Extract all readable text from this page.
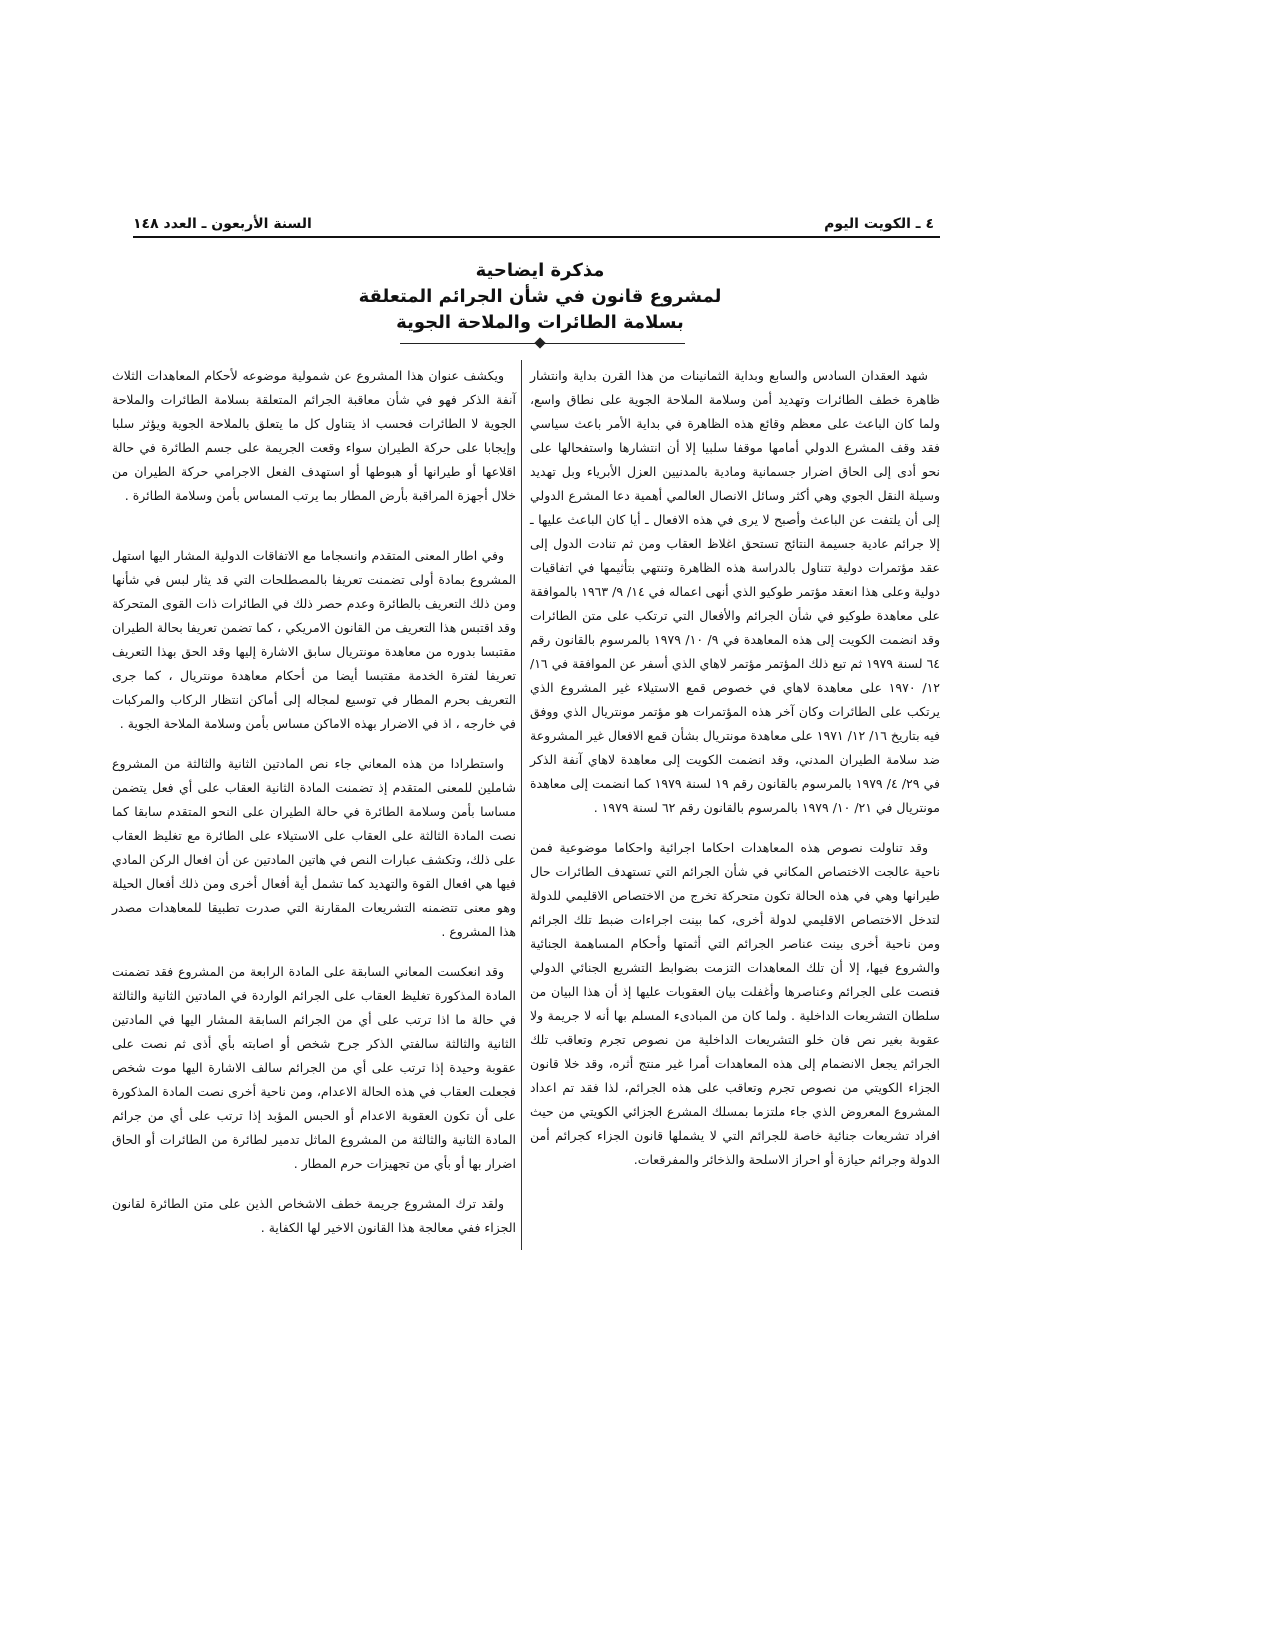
٤ ـ الكويت اليوم
السنة الأربعون ـ العدد ١٤٨
مذكرة ايضاحية
لمشروع قانون في شأن الجرائم المتعلقة
بسلامة الطائرات والملاحة الجوية

شهد العقدان السادس والسابع وبداية الثمانينات من هذا القرن بداية وانتشار ظاهرة خطف الطائرات وتهديد أمن وسلامة الملاحة الجوية على نطاق واسع، ولما كان الباعث على معظم وقائع هذه الظاهرة في بداية الأمر باعث سياسي فقد وقف المشرع الدولي أمامها موقفا سلبيا إلا أن انتشارها واستفحالها على نحو أدى إلى الحاق اضرار جسمانية ومادية بالمدنيين العزل الأبرياء وبل تهديد وسيلة النقل الجوي وهي أكثر وسائل الانصال العالمي أهمية دعا المشرع الدولي إلى أن يلتفت عن الباعث وأصبح لا يرى في هذه الافعال ـ أيا كان الباعث عليها ـ إلا جرائم عادية جسيمة النتائج تستحق اغلاظ العقاب ومن ثم تنادت الدول إلى عقد مؤتمرات دولية تتناول بالدراسة هذه الظاهرة وتنتهي بتأثيمها في اتفاقيات دولية وعلى هذا انعقد مؤتمر طوكيو الذي أنهى اعماله في ١٤/ ٩/ ١٩٦٣ بالموافقة على معاهدة طوكيو في شأن الجرائم والأفعال التي ترتكب على متن الطائرات وقد انضمت الكويت إلى هذه المعاهدة في ٩/ ١٠/ ١٩٧٩ بالمرسوم بالقانون رقم ٦٤ لسنة ١٩٧٩ ثم تبع ذلك المؤتمر مؤتمر لاهاي الذي أسفر عن الموافقة في ١٦/ ١٢/ ١٩٧٠ على معاهدة لاهاي في خصوص قمع الاستيلاء غير المشروع الذي يرتكب على الطائرات وكان آخر هذه المؤتمرات هو مؤتمر مونتريال الذي ووفق فيه بتاريخ ١٦/ ١٢/ ١٩٧١ على معاهدة مونتريال بشأن قمع الافعال غير المشروعة ضد سلامة الطيران المدني، وقد انضمت الكويت إلى معاهدة لاهاي آنفة الذكر في ٢٩/ ٤/ ١٩٧٩ بالمرسوم بالقانون رقم ١٩ لسنة ١٩٧٩ كما انضمت إلى معاهدة مونتريال في ٢١/ ١٠/ ١٩٧٩ بالمرسوم بالقانون رقم ٦٢ لسنة ١٩٧٩ .

وقد تناولت نصوص هذه المعاهدات احكاما اجرائية واحكاما موضوعية فمن ناحية عالجت الاختصاص المكاني في شأن الجرائم التي تستهدف الطائرات حال طيرانها وهي في هذه الحالة تكون متحركة تخرج من الاختصاص الاقليمي للدولة لتدخل الاختصاص الاقليمي لدولة أخرى، كما بينت اجراءات ضبط تلك الجرائم ومن ناحية أخرى بينت عناصر الجرائم التي أثمتها وأحكام المساهمة الجنائية والشروع فيها، إلا أن تلك المعاهدات التزمت بضوابط التشريع الجنائي الدولي فنصت على الجرائم وعناصرها وأغفلت بيان العقوبات عليها إذ أن هذا البيان من سلطان التشريعات الداخلية . ولما كان من المبادىء المسلم بها أنه لا جريمة ولا عقوبة بغير نص فان خلو التشريعات الداخلية من نصوص تجرم وتعاقب تلك الجرائم يجعل الانضمام إلى هذه المعاهدات أمرا غير منتج أثره، وقد خلا قانون الجزاء الكويتي من نصوص تجرم وتعاقب على هذه الجرائم، لذا فقد تم اعداد المشروع المعروض الذي جاء ملتزما بمسلك المشرع الجزائي الكويتي من حيث افراد تشريعات جنائية خاصة للجرائم التي لا يشملها قانون الجزاء كجرائم أمن الدولة وجرائم حيازة أو احراز الاسلحة والذخائر والمفرقعات.

ويكشف عنوان هذا المشروع عن شمولية موضوعه لأحكام المعاهدات الثلاث آنفة الذكر فهو في شأن معاقبة الجرائم المتعلقة بسلامة الطائرات والملاحة الجوية لا الطائرات فحسب اذ يتناول كل ما يتعلق بالملاحة الجوية ويؤثر سلبا وإيجابا على حركة الطيران سواء وقعت الجريمة على جسم الطائرة في حالة اقلاعها أو طيرانها أو هبوطها أو استهدف الفعل الاجرامي حركة الطيران من خلال أجهزة المراقبة بأرض المطار بما يرتب المساس بأمن وسلامة الطائرة .

وفي اطار المعنى المتقدم وانسجاما مع الاتفاقات الدولية المشار اليها استهل المشروع بمادة أولى تضمنت تعريفا بالمصطلحات التي قد يثار لبس في شأنها ومن ذلك التعريف بالطائرة وعدم حصر ذلك في الطائرات ذات القوى المتحركة وقد اقتبس هذا التعريف من القانون الامريكي ، كما تضمن تعريفا بحالة الطيران مقتبسا بدوره من معاهدة مونتريال سابق الاشارة إليها وقد الحق بهذا التعريف تعريفا لفترة الخدمة مقتبسا أيضا من أحكام معاهدة مونتريال ، كما جرى التعريف بحرم المطار في توسيع لمجاله إلى أماكن انتظار الركاب والمركبات في خارجه ، اذ في الاضرار بهذه الاماكن مساس بأمن وسلامة الملاحة الجوية .

واستطرادا من هذه المعاني جاء نص المادتين الثانية والثالثة من المشروع شاملين للمعنى المتقدم إذ تضمنت المادة الثانية العقاب على أي فعل يتضمن مساسا بأمن وسلامة الطائرة في حالة الطيران على النحو المتقدم سابقا كما نصت المادة الثالثة على العقاب على الاستيلاء على الطائرة مع تغليظ العقاب على ذلك، وتكشف عبارات النص في هاتين المادتين عن أن افعال الركن المادي فيها هي افعال القوة والتهديد كما تشمل أية أفعال أخرى ومن ذلك أفعال الحيلة وهو معنى تتضمنه التشريعات المقارنة التي صدرت تطبيقا للمعاهدات مصدر هذا المشروع .

وقد انعكست المعاني السابقة على المادة الرابعة من المشروع فقد تضمنت المادة المذكورة تغليظ العقاب على الجرائم الواردة في المادتين الثانية والثالثة في حالة ما اذا ترتب على أي من الجرائم السابقة المشار اليها في المادتين الثانية والثالثة سالفتي الذكر جرح شخص أو اصابته بأي أذى ثم نصت على عقوبة وحيدة إذا ترتب على أي من الجرائم سالف الاشارة اليها موت شخص فجعلت العقاب في هذه الحالة الاعدام، ومن ناحية أخرى نصت المادة المذكورة على أن تكون العقوبة الاعدام أو الحبس المؤبد إذا ترتب على أي من جرائم المادة الثانية والثالثة من المشروع الماثل تدمير لطائرة من الطائرات أو الحاق اضرار بها أو بأي من تجهيزات حرم المطار .

ولقد ترك المشروع جريمة خطف الاشخاص الذين على متن الطائرة لقانون الجزاء ففي معالجة هذا القانون الاخير لها الكفاية .
